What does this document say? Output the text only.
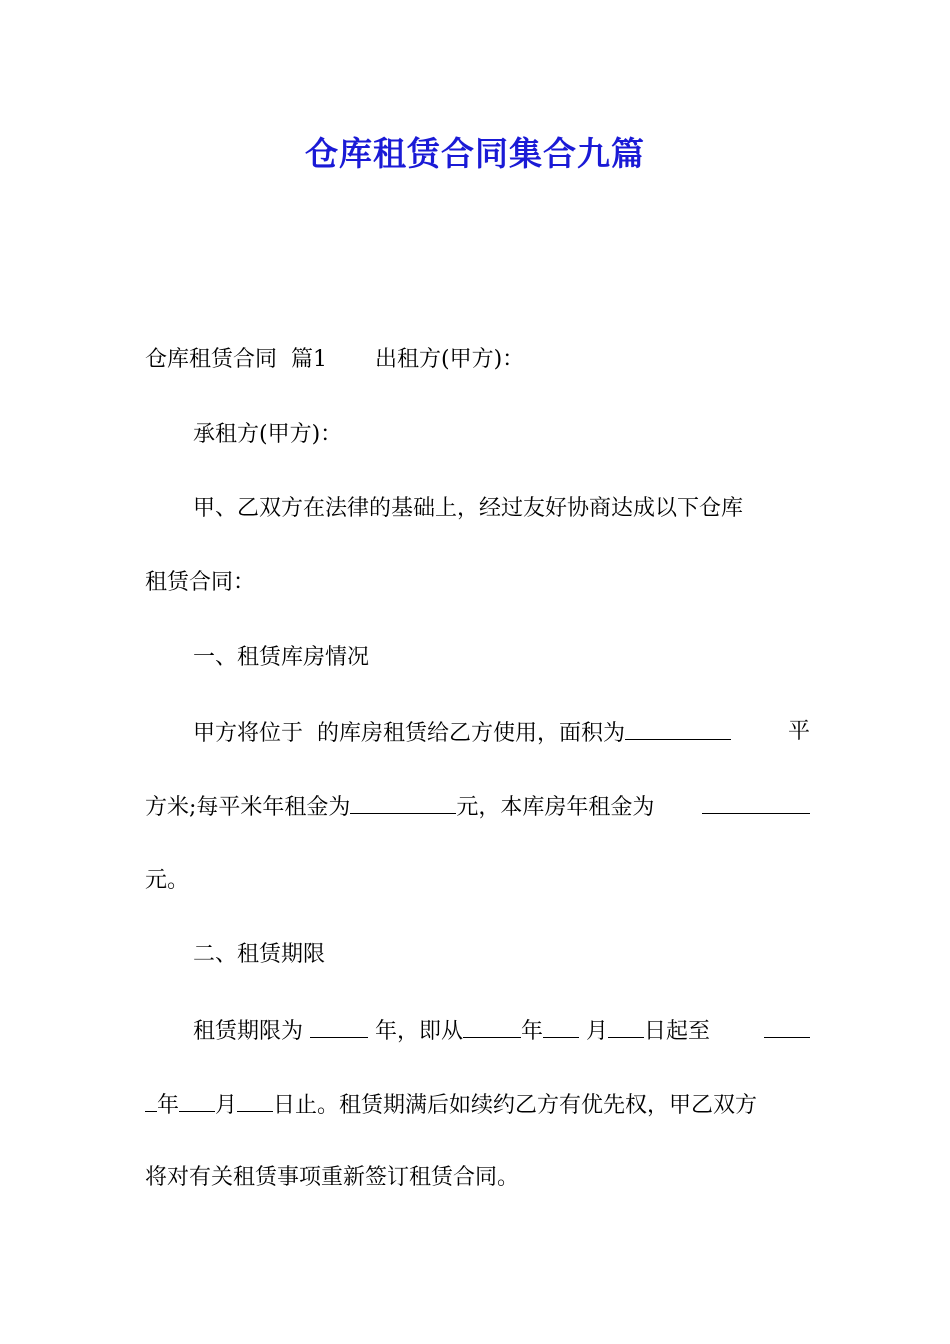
仓库租赁合同集合九篇
仓库租赁合同  篇1 出租方(甲方)：
承租方(甲方)：
甲、乙双方在法律的基础上，经过友好协商达成以下仓库
租赁合同：
一、租赁库房情况
甲方将位于  的库房租赁给乙方使用，面积为	平
方米;每平米年租金为	元，本库房年租金为
元。
二、租赁期限
租赁期限为	年，即从	年 月 日起至
年 月 日止。租赁期满后如续约乙方有优先权，甲乙双方
将对有关租赁事项重新签订租赁合同。
